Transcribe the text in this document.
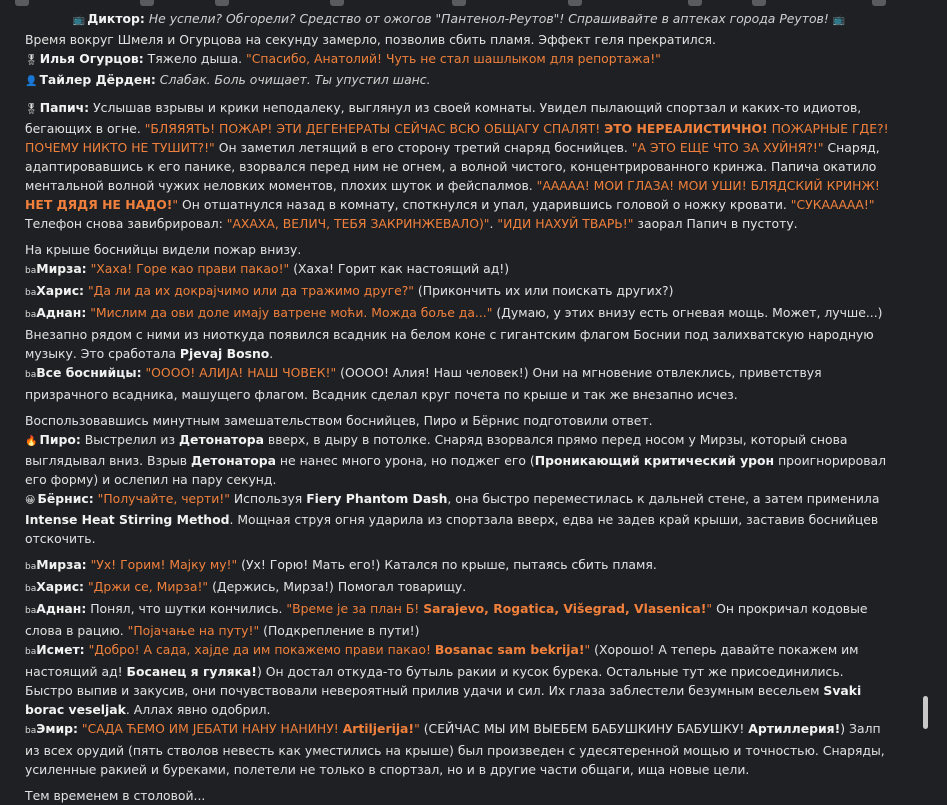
📺 Диктор: Не успели? Обгорели? Средство от ожогов "Пантенол-Реутов"! Спрашивайте в аптеках города Реутов! 📺

Время вокруг Шмеля и Огурцова на секунду замерло, позволив сбить пламя. Эффект геля прекратился.

🎖 Илья Огурцов: Тяжело дыша. "Спасибо, Анатолий! Чуть не стал шашлыком для репортажа!"

👤 Тайлер Дёрден: Слабак. Боль очищает. Ты упустил шанс.

🎖 Папич: Услышав взрывы и крики неподалеку, выглянул из своей комнаты. Увидел пылающий спортзал и каких-то идиотов, бегающих в огне. "БЛЯЯЯТЬ! ПОЖАР! ЭТИ ДЕГЕНЕРАТЫ СЕЙЧАС ВСЮ ОБЩАГУ СПАЛЯТ! ЭТО НЕРЕАЛИСТИЧНО! ПОЖАРНЫЕ ГДЕ?! ПОЧЕМУ НИКТО НЕ ТУШИТ?!" Он заметил летящий в его сторону третий снаряд боснийцев. "А ЭТО ЕЩЕ ЧТО ЗА ХУЙНЯ?!" Снаряд, адаптировавшись к его панике, взорвался перед ним не огнем, а волной чистого, концентрированного кринжа. Папича окатило ментальной волной чужих неловких моментов, плохих шуток и фейспалмов. "ААААА! МОИ ГЛАЗА! МОИ УШИ! БЛЯДСКИЙ КРИНЖ! НЕТ ДЯДЯ НЕ НАДО!" Он отшатнулся назад в комнату, споткнулся и упал, ударившись головой о ножку кровати. "СУКААААА!" Телефон снова завибрировал: "АХАХА, ВЕЛИЧ, ТЕБЯ ЗАКРИНЖЕВАЛО)". "ИДИ НАХУЙ ТВАРЬ!" заорал Папич в пустоту.

На крыше боснийцы видели пожар внизу.

baМирза: "Хаха! Горе као прави пакао!" (Хаха! Горит как настоящий ад!)

baХарис: "Да ли да их докрајчимо или да тражимо друге?" (Прикончить их или поискать других?)

baАднан: "Мислим да ови доле имају ватрене моћи. Можда боље да..." (Думаю, у этих внизу есть огневая мощь. Может, лучше...)

Внезапно рядом с ними из ниоткуда появился всадник на белом коне с гигантским флагом Боснии под залихватскую народную музыку. Это сработала Pjevaj Bosno.

baВсе боснийцы: "ОООО! АЛИЈА! НАШ ЧОВЕК!" (ОООО! Алия! Наш человек!) Они на мгновение отвлеклись, приветствуя призрачного всадника, машущего флагом. Всадник сделал круг почета по крыше и так же внезапно исчез.

Воспользовавшись минутным замешательством боснийцев, Пиро и Бёрнис подготовили ответ.

🔥 Пиро: Выстрелил из Детонатора вверх, в дыру в потолке. Снаряд взорвался прямо перед носом у Мирзы, который снова выглядывал вниз. Взрыв Детонатора не нанес много урона, но поджег его (Проникающий критический урон проигнорировал его форму) и ослепил на пару секунд.

😀 Бёрнис: "Получайте, черти!" Используя Fiery Phantom Dash, она быстро переместилась к дальней стене, а затем применила Intense Heat Stirring Method. Мощная струя огня ударила из спортзала вверх, едва не задев край крыши, заставив боснийцев отскочить.

baМирза: "Ух! Горим! Мајку му!" (Ух! Горю! Мать его!) Катался по крыше, пытаясь сбить пламя.

baХарис: "Држи се, Мирза!" (Держись, Мирза!) Помогал товарищу.

baАднан: Понял, что шутки кончились. "Време је за план Б! Sarajevo, Rogatica, Višegrad, Vlasenica!" Он прокричал кодовые слова в рацию. "Појачање на путу!" (Подкрепление в пути!)

baИсмет: "Добро! А сада, хајде да им покажемо прави пакао! Bosanac sam bekrija!" (Хорошо! А теперь давайте покажем им настоящий ад! Босанец я гуляка!) Он достал откуда-то бутыль ракии и кусок бурека. Остальные тут же присоединились. Быстро выпив и закусив, они почувствовали невероятный прилив удачи и сил. Их глаза заблестели безумным весельем Svaki borac veseljak. Аллах явно одобрил.

baЭмир: "САДА ЋЕМО ИМ ЈЕБАТИ НАНУ НАНИНУ! Artiljerija!" (СЕЙЧАС МЫ ИМ ВЫЕБЕМ БАБУШКИНУ БАБУШКУ! Артиллерия!) Залп из всех орудий (пять стволов невесть как уместились на крыше) был произведен с удесятеренной мощью и точностью. Снаряды, усиленные ракией и буреками, полетели не только в спортзал, но и в другие части общаги, ища новые цели.

Тем временем в столовой...
